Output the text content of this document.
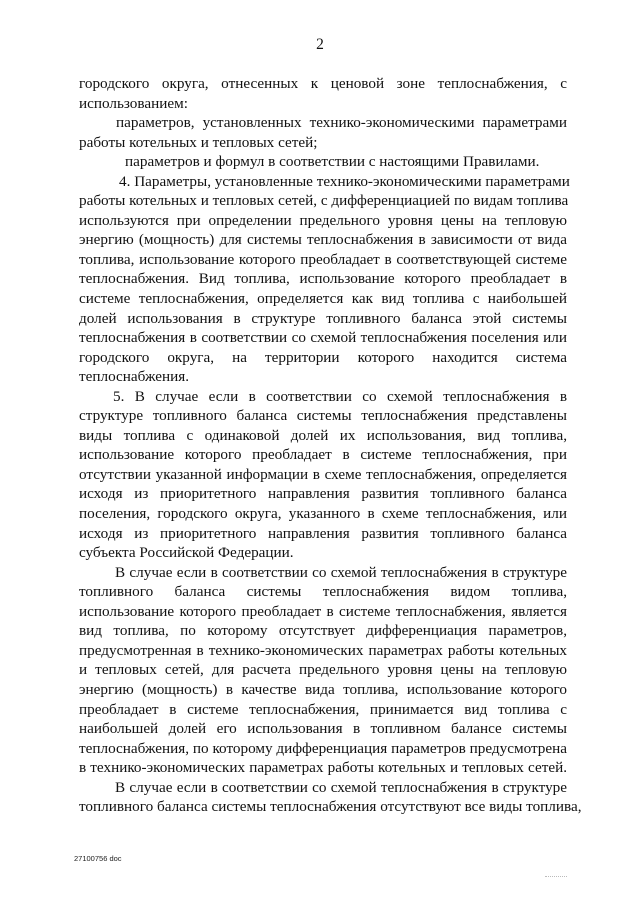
2
городского округа, отнесенных к ценовой зоне теплоснабжения, с
использованием:
параметров, установленных технико-экономическими параметрами
работы котельных и тепловых сетей;
параметров и формул в соответствии с настоящими Правилами.
4. Параметры, установленные технико-экономическими параметрами
работы котельных и тепловых сетей, с дифференциацией по видам топлива
используются при определении предельного уровня цены на тепловую
энергию (мощность) для системы теплоснабжения в зависимости от вида
топлива, использование которого преобладает в соответствующей системе
теплоснабжения. Вид топлива, использование которого преобладает в
системе теплоснабжения, определяется как вид топлива с наибольшей
долей использования в структуре топливного баланса этой системы
теплоснабжения в соответствии со схемой теплоснабжения поселения или
городского округа, на территории которого находится система
теплоснабжения.
5. В случае если в соответствии со схемой теплоснабжения в
структуре топливного баланса системы теплоснабжения представлены
виды топлива с одинаковой долей их использования, вид топлива,
использование которого преобладает в системе теплоснабжения, при
отсутствии указанной информации в схеме теплоснабжения, определяется
исходя из приоритетного направления развития топливного баланса
поселения, городского округа, указанного в схеме теплоснабжения, или
исходя из приоритетного направления развития топливного баланса
субъекта Российской Федерации.
В случае если в соответствии со схемой теплоснабжения в структуре
топливного баланса системы теплоснабжения видом топлива,
использование которого преобладает в системе теплоснабжения, является
вид топлива, по которому отсутствует дифференциация параметров,
предусмотренная в технико-экономических параметрах работы котельных
и тепловых сетей, для расчета предельного уровня цены на тепловую
энергию (мощность) в качестве вида топлива, использование которого
преобладает в системе теплоснабжения, принимается вид топлива с
наибольшей долей его использования в топливном балансе системы
теплоснабжения, по которому дифференциация параметров предусмотрена
в технико-экономических параметрах работы котельных и тепловых сетей.
В случае если в соответствии со схемой теплоснабжения в структуре
топливного баланса системы теплоснабжения отсутствуют все виды топлива,
27100756 doc
